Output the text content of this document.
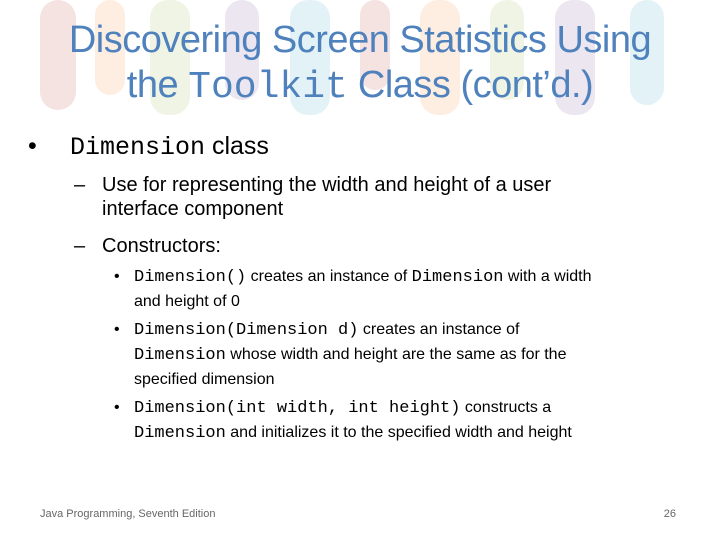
Discovering Screen Statistics Using
the Toolkit Class (cont’d.)
• Dimension class
– Use for representing the width and height of a user
interface component
– Constructors:
• Dimension() creates an instance of Dimension with a width
and height of 0
• Dimension(Dimension d) creates an instance of
Dimension whose width and height are the same as for the
specified dimension
• Dimension(int width, int height) constructs a
Dimension and initializes it to the specified width and height
Java Programming, Seventh Edition	26
